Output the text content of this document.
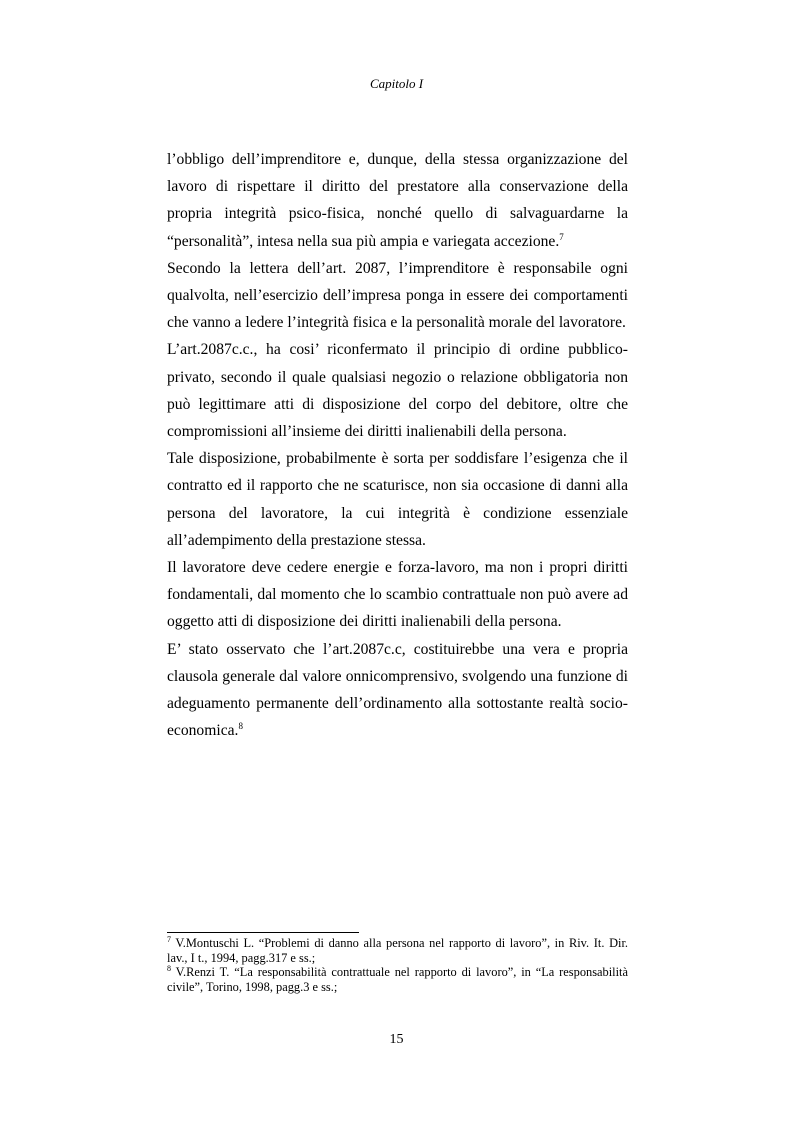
Capitolo I

l’obbligo dell’imprenditore e, dunque, della stessa organizzazione del lavoro di rispettare il diritto del prestatore alla conservazione della propria integrità psico-fisica, nonché quello di salvaguardarne la “personalità”, intesa nella sua più ampia e variegata accezione.$^7$

Secondo la lettera dell’art. 2087, l’imprenditore è responsabile ogni qualvolta, nell’esercizio dell’impresa ponga in essere dei comportamenti che vanno a ledere l’integrità fisica e la personalità morale del lavoratore.

L’art.2087c.c., ha cosi’ riconfermato il principio di ordine pubblico-privato, secondo il quale qualsiasi negozio o relazione obbligatoria non può legittimare atti di disposizione del corpo del debitore, oltre che compromissioni all’insieme dei diritti inalienabili della persona.

Tale disposizione, probabilmente è sorta per soddisfare l’esigenza che il contratto ed il rapporto che ne scaturisce, non sia occasione di danni alla persona del lavoratore, la cui integrità è condizione essenziale all’adempimento della prestazione stessa.

Il lavoratore deve cedere energie e forza-lavoro, ma non i propri diritti fondamentali, dal momento che lo scambio contrattuale non può avere ad oggetto atti di disposizione dei diritti inalienabili della persona.

E’ stato osservato che l’art.2087c.c, costituirebbe una vera e propria clausola generale dal valore onnicomprensivo, svolgendo una funzione di adeguamento permanente dell’ordinamento alla sottostante realtà socio-economica.$^8$

$^7$ V.Montuschi L. “Problemi di danno alla persona nel rapporto di lavoro”, in Riv. It. Dir. lav., I t., 1994, pagg.317 e ss.;

$^8$ V.Renzi T. “La responsabilità contrattuale nel rapporto di lavoro”, in “La responsabilità civile”, Torino, 1998, pagg.3 e ss.;

15
